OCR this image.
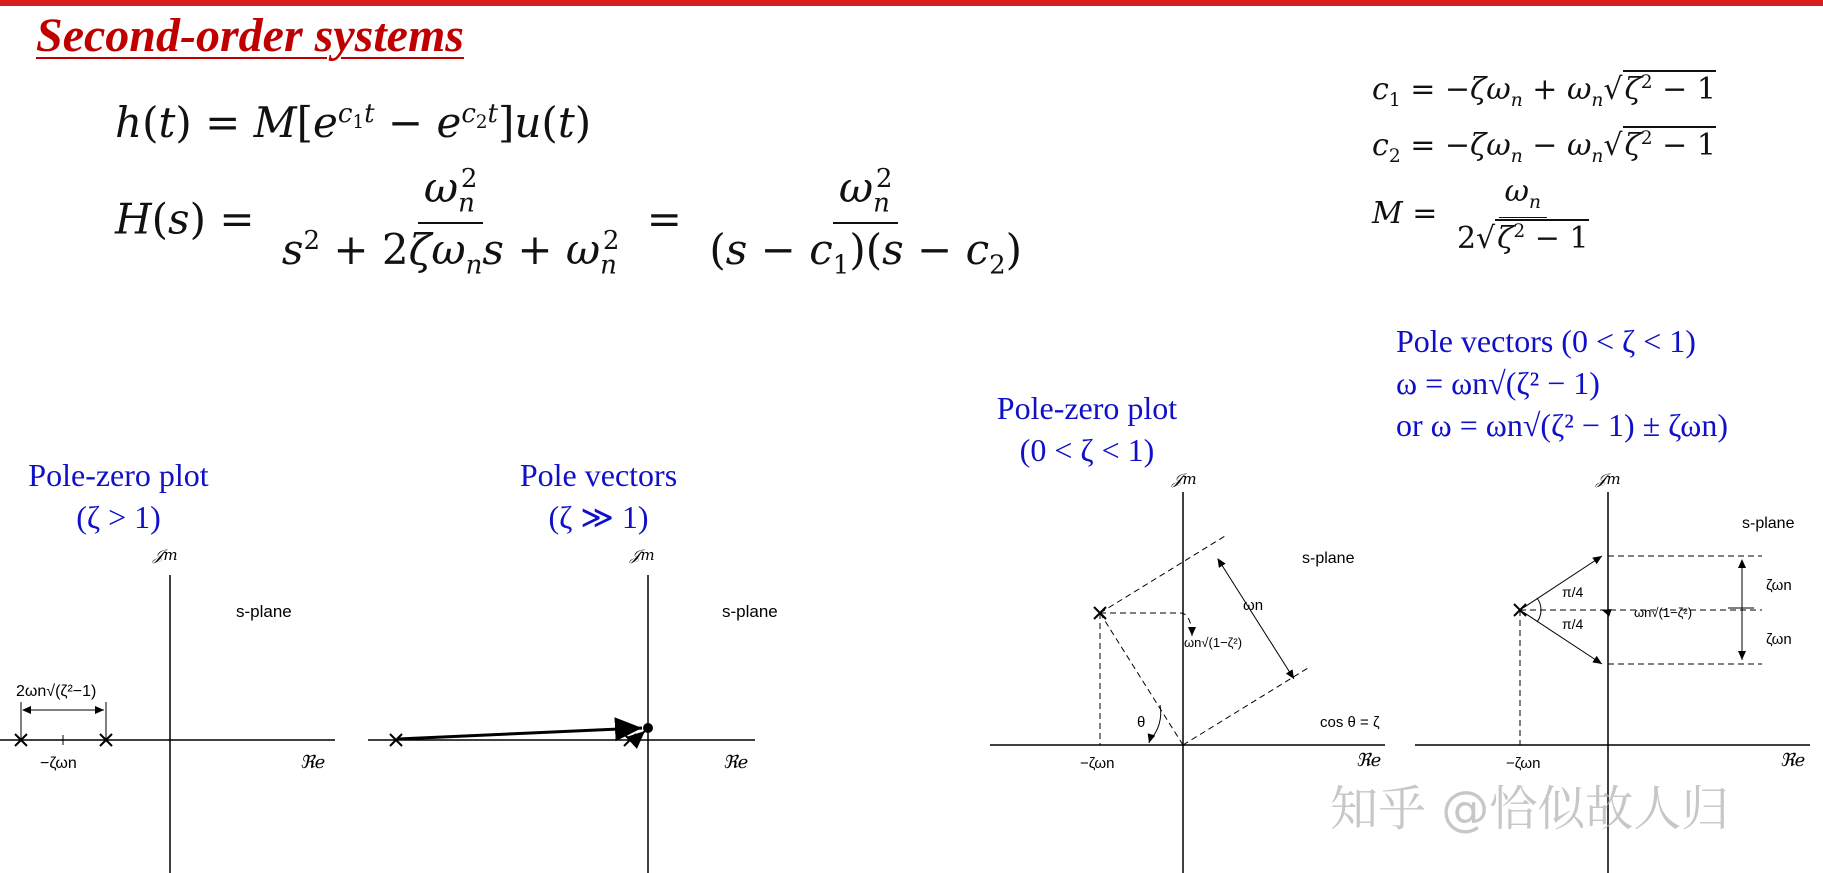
Second-order systems
$h(t) = M[e^{c_1t} - e^{c_2t}]u(t)$
$H(s) = \frac{\omega_n^2}{s^2 + 2\zeta\omega_ns + \omega_n^2} = \frac{\omega_n^2}{(s - c_1)(s - c_2)}$
$c_1 = -\zeta\omega_n + \omega_n√\zeta^2 - 1$
$c_2 = -\zeta\omega_n - \omega_n√\zeta^2 - 1$
$M = \frac{\omega_n}{2√\zeta^2 - 1}$
Pole-zero plot
(ζ > 1)
Pole vectors
(ζ ≫ 1)
Pole-zero plot
(0 < ζ < 1)
Pole vectors (0 < ζ < 1)
ω = ωn√(ζ² − 1)
or ω = ωn√(ζ² − 1) ± ζωn)
𝒥m
ℜe
s-plane
2ωn√(ζ²−1)
−ζωn
𝒥m
ℜe
s-plane
𝒥m
ℜe
s-plane
ωn
ωn√(1−ζ²)
θ	cos θ = ζ
−ζωn
𝒥m
ℜe
s-plane
π/4
π/4
ωn√(1−ζ²)
ζωn
ζωn
−ζωn
知乎 @恰似故人归
